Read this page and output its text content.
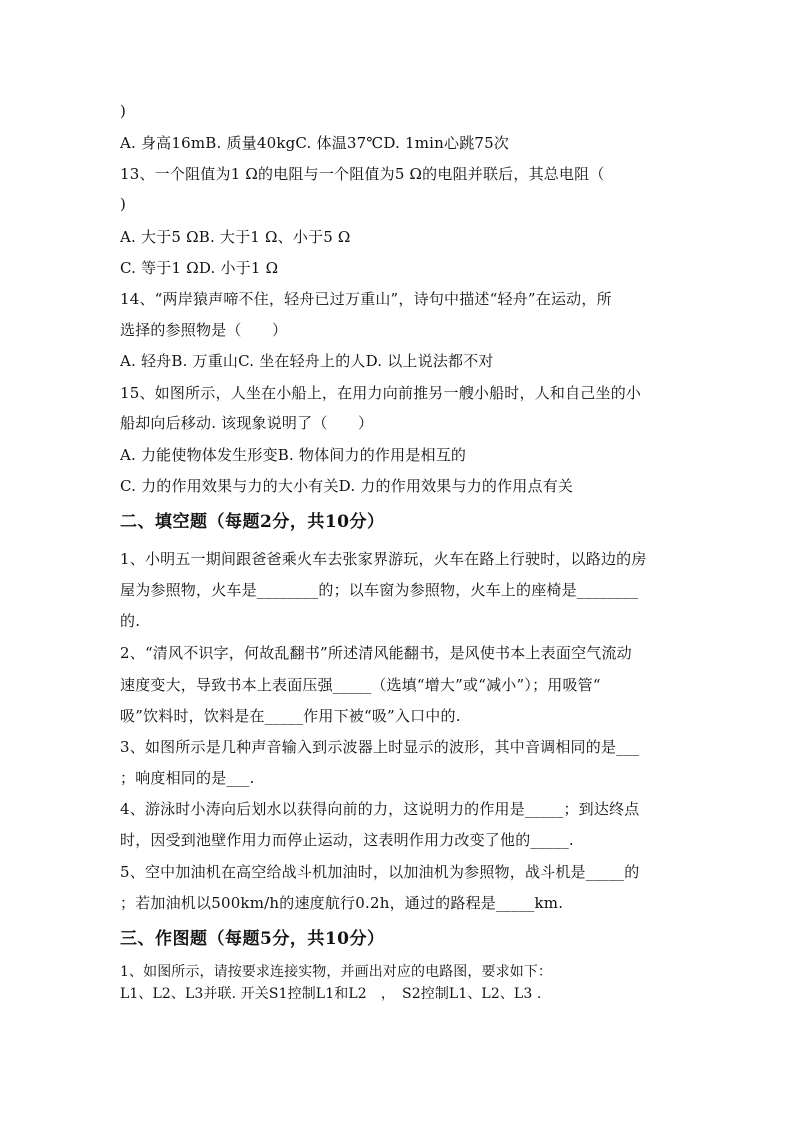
)
A. 身高16mB. 质量40kgC. 体温37℃D. 1min心跳75次
13、一个阻值为1 Ω的电阻与一个阻值为5 Ω的电阻并联后，其总电阻（
)
A. 大于5 ΩB. 大于1 Ω、小于5 Ω
C. 等于1 ΩD. 小于1 Ω
14、“两岸猿声啼不住，轻舟已过万重山”，诗句中描述“轻舟”在运动，所
选择的参照物是（　　）
A. 轻舟B. 万重山C. 坐在轻舟上的人D. 以上说法都不对
15、如图所示，人坐在小船上，在用力向前推另一艘小船时，人和自己坐的小
船却向后移动. 该现象说明了（　　）
A. 力能使物体发生形变B. 物体间力的作用是相互的
C. 力的作用效果与力的大小有关D. 力的作用效果与力的作用点有关
二、填空题（每题2分，共10分）
1、小明五一期间跟爸爸乘火车去张家界游玩，火车在路上行驶时，以路边的房
屋为参照物，火车是________的；以车窗为参照物，火车上的座椅是________
的.
2、“清风不识字，何故乱翻书”所述清风能翻书，是风使书本上表面空气流动
速度变大，导致书本上表面压强_____（选填“增大”或“减小”）；用吸管“
吸”饮料时，饮料是在_____作用下被“吸”入口中的.
3、如图所示是几种声音输入到示波器上时显示的波形，其中音调相同的是___
；响度相同的是___.
4、游泳时小涛向后划水以获得向前的力，这说明力的作用是_____；到达终点
时，因受到池壁作用力而停止运动，这表明作用力改变了他的_____.
5、空中加油机在高空给战斗机加油时，以加油机为参照物，战斗机是_____的
；若加油机以500km/h的速度航行0.2h，通过的路程是_____km.
三、作图题（每题5分，共10分）
1、如图所示，请按要求连接实物，并画出对应的电路图，要求如下：
L1、L2、L3并联. 开关S1控制L1和L2　，　S2控制L1、L2、L3 .
